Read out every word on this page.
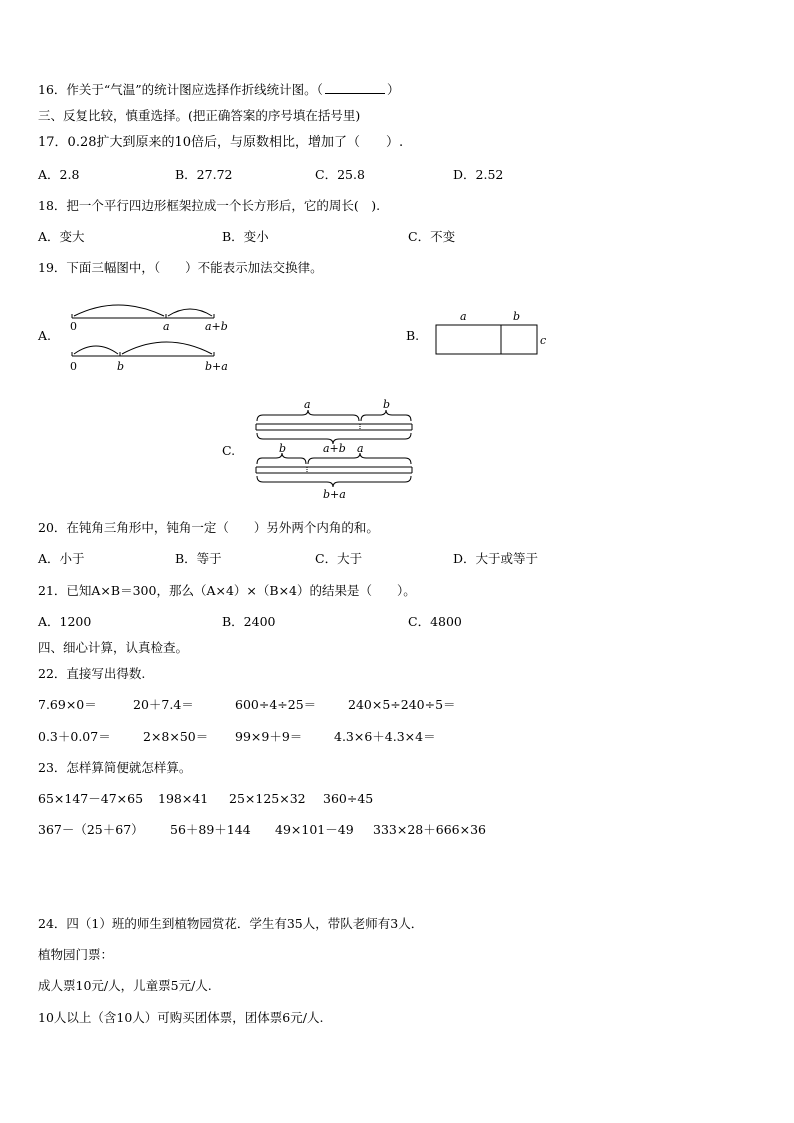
16．作关于“气温”的统计图应选择作折线统计图。（	）
三、反复比较，慎重选择。(把正确答案的序号填在括号里)
17．0.28扩大到原来的10倍后，与原数相比，增加了（　　）.
A．2.8	B．27.72	C．25.8	D．2.52
18．把一个平行四边形框架拉成一个长方形后，它的周长(　).
A．变大	B．变小	C．不变
19．下面三幅图中，（　　）不能表示加法交换律。
A.	B.
C.
0	a	a+b
0	b	b+a
a	b
c
a	b
a+b
b	a
b+a
20．在钝角三角形中，钝角一定（　　）另外两个内角的和。
A．小于	B．等于	C．大于	D．大于或等于
21．已知A×B＝300，那么（A×4）×（B×4）的结果是（　　）。
A．1200	B．2400	C．4800
四、细心计算，认真检查。
22．直接写出得数.
7.69×0＝	20＋7.4＝	600÷4÷25＝	240×5÷240÷5＝
0.3＋0.07＝	2×8×50＝ 99×9＋9＝	4.3×6＋4.3×4＝
23．怎样算简便就怎样算。
65×147－47×65 198×41 25×125×32 360÷45
367－（25＋67） 56＋89＋144 49×101－49 333×28＋666×36
24．四（1）班的师生到植物园赏花．学生有35人，带队老师有3人．
植物园门票：
成人票10元/人，儿童票5元/人.
10人以上（含10人）可购买团体票，团体票6元/人.
